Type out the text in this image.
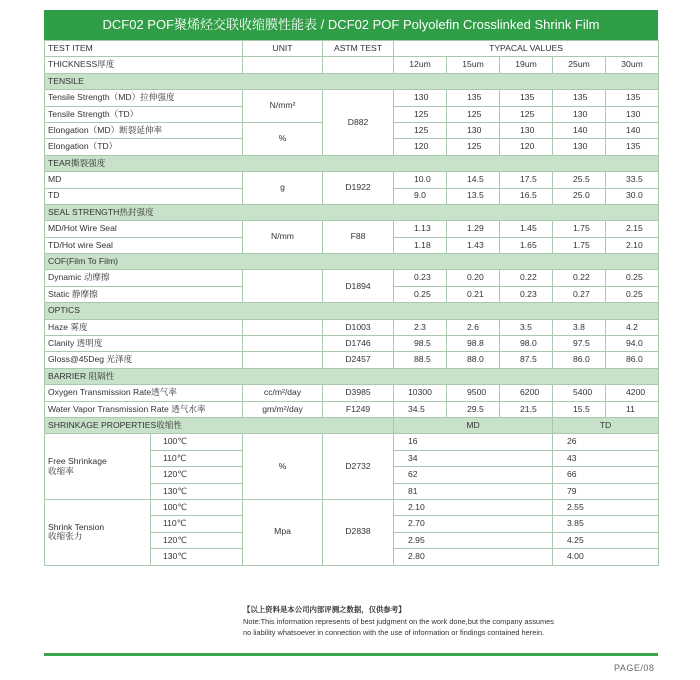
DCF02 POF聚烯烃交联收缩膜性能表 / DCF02 POF Polyolefin Crosslinked Shrink Film
TEST ITEM		UNIT	ASTM TEST	TYPACAL VALUES				
THICKNESS厚度				12um	15um	19um	25um	30um
TENSILE								
Tensile Strength（MD）拉伸强度		N/mm²	D882	130	135	135	135	135
Tensile Strength（TD）				125	125	125	130	130
Elongation（MD）断裂延伸率		%		125	130	130	140	140
Elongation（TD）				120	125	120	130	135
TEAR撕裂强度								
MD		g	D1922	10.0	14.5	17.5	25.5	33.5
TD				9.0	13.5	16.5	25.0	30.0
SEAL STRENGTH热封强度								
MD/Hot Wire Seal		N/mm	F88	1.13	1.29	1.45	1.75	2.15
TD/Hot wire Seal				1.18	1.43	1.65	1.75	2.10
COF(Film To Film)								
Dynamic 动摩擦			D1894	0.23	0.20	0.22	0.22	0.25
Static 静摩擦				0.25	0.21	0.23	0.27	0.25
OPTICS								
Haze 雾度			D1003	2.3	2.6	3.5	3.8	4.2
Clanity 透明度			D1746	98.5	98.8	98.0	97.5	94.0
Gloss@45Deg 光泽度			D2457	88.5	88.0	87.5	86.0	86.0
BARRIER 阻隔性								
Oxygen Transmission Rate透气率		cc/m²/day	D3985	10300	9500	6200	5400	4200
Water Vapor Transmission Rate 透气水率		gm/m²/day	F1249	34.5	29.5	21.5	15.5	11
SHRINKAGE PROPERTIES收缩性				MD			TD	

Free Shrinkage
收缩率	100℃	%	D2732	16			26	
	110℃			34			43	
	120℃			62			66	
	130℃			81			79	

Shrink Tension
收缩张力	100℃	Mpa	D2838	2.10			2.55	
	110℃			2.70			3.85	
	120℃			2.95			4.25	
	130℃			2.80			4.00	
【以上资料是本公司内部评测之数据，仅供参考】
Note:This information represents of best judgment on the work done,but the company assumes
no liability whatsoever in connection with the use of information or findings contained herein.
PAGE/08
